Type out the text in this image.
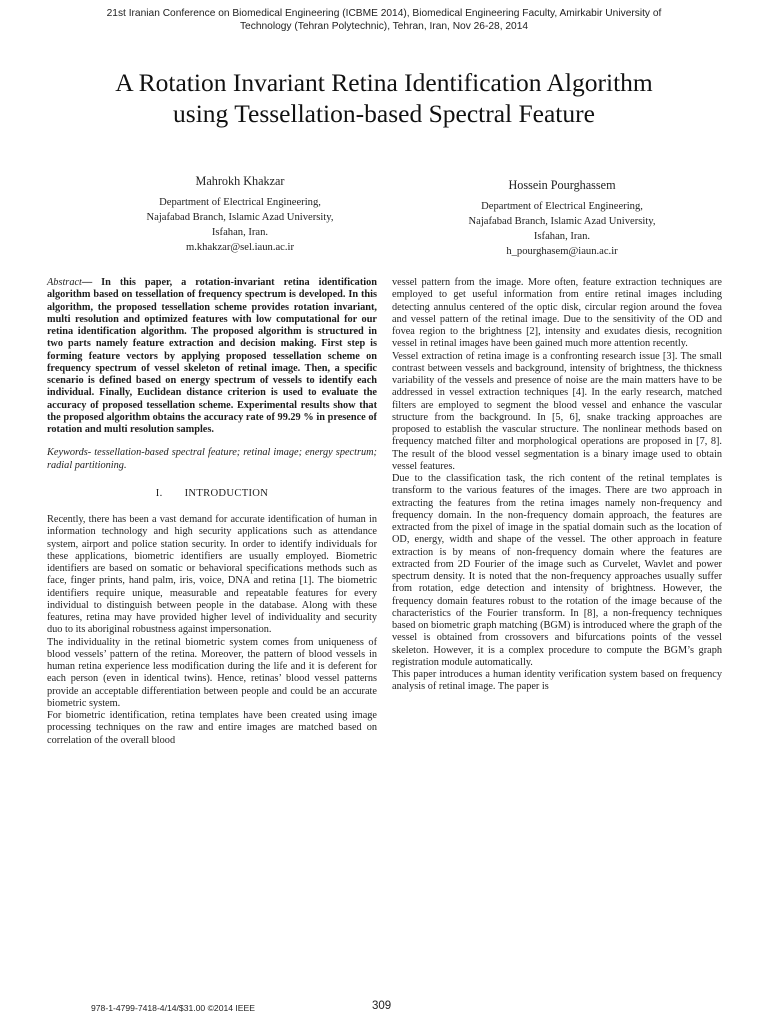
21st Iranian Conference on Biomedical Engineering (ICBME 2014), Biomedical Engineering Faculty, Amirkabir University of
Technology (Tehran Polytechnic), Tehran, Iran, Nov 26-28, 2014
A Rotation Invariant Retina Identification Algorithm
using Tessellation-based Spectral Feature
Mahrokh Khakzar
Department of Electrical Engineering,
Najafabad Branch, Islamic Azad University,
Isfahan, Iran.
m.khakzar@sel.iaun.ac.ir
Hossein Pourghassem
Department of Electrical Engineering,
Najafabad Branch, Islamic Azad University,
Isfahan, Iran.
h_pourghasem@iaun.ac.ir

Abstract— In this paper, a rotation-invariant retina identification algorithm based on tessellation of frequency spectrum is developed. In this algorithm, the proposed tessellation scheme provides rotation invariant, multi resolution and optimized features with low computational for our retina identification algorithm. The proposed algorithm is structured in two parts namely feature extraction and decision making. First step is forming feature vectors by applying proposed tessellation scheme on frequency spectrum of vessel skeleton of retinal image. Then, a specific scenario is defined based on energy spectrum of vessels to identify each individual. Finally, Euclidean distance criterion is used to evaluate the accuracy of proposed tessellation scheme. Experimental results show that the proposed algorithm obtains the accuracy rate of 99.29 % in presence of rotation and multi resolution samples.

Keywords- tessellation-based spectral feature; retinal image; energy spectrum; radial partitioning.

I. INTRODUCTION

Recently, there has been a vast demand for accurate identification of human in information technology and high security applications such as attendance system, airport and police station security. In order to identify individuals for these applications, biometric identifiers are usually employed. Biometric identifiers are based on somatic or behavioral specifications methods such as face, finger prints, hand palm, iris, voice, DNA and retina [1]. The biometric identifiers require unique, measurable and repeatable features for every individual to distinguish between people in the database. Along with these features, retina may have provided higher level of individuality and security duo to its aboriginal robustness against impersonation.

The individuality in the retinal biometric system comes from uniqueness of blood vessels’ pattern of the retina. Moreover, the pattern of blood vessels in human retina experience less modification during the life and it is deferent for each person (even in identical twins). Hence, retinas’ blood vessel patterns provide an acceptable differentiation between people and could be an accurate biometric system.

For biometric identification, retina templates have been created using image processing techniques on the raw and entire images are matched based on correlation of the overall blood

vessel pattern from the image. More often, feature extraction techniques are employed to get useful information from entire retinal images including detecting annulus centered of the optic disk, circular region around the fovea and vessel pattern of the retinal image. Due to the sensitivity of the OD and fovea region to the brightness [2], intensity and exudates diesis, recognition vessel in retinal images have been gained much more attention recently.

Vessel extraction of retina image is a confronting research issue [3]. The small contrast between vessels and background, intensity of brightness, the thickness variability of the vessels and presence of noise are the main matters have to be addressed in vessel extraction techniques [4]. In the early research, matched filters are employed to segment the blood vessel and enhance the vascular structure from the background. In [5, 6], snake tracking approaches are proposed to establish the vascular structure. The nonlinear methods based on frequency matched filter and morphological operations are proposed in [7, 8]. The result of the blood vessel segmentation is a binary image used to obtain vessel features.

Due to the classification task, the rich content of the retinal templates is transform to the various features of the images. There are two approach in extracting the features from the retina images namely non-frequency and frequency domain. In the non-frequency domain approach, the features are extracted from the pixel of image in the spatial domain such as the location of OD, energy, width and shape of the vessel. The other approach in feature extraction is by means of non-frequency domain where the features are extracted from 2D Fourier of the image such as Curvelet, Wavlet and power spectrum density. It is noted that the non-frequency approaches usually suffer from rotation, edge detection and intensity of brightness. However, the frequency domain features robust to the rotation of the image because of the characteristics of the Fourier transform. In [8], a non-frequency techniques based on biometric graph matching (BGM) is introduced where the graph of the vessel is obtained from crossovers and bifurcations points of the vessel skeleton. However, it is a complex procedure to compute the BGM’s graph registration module automatically.

This paper introduces a human identity verification system based on frequency analysis of retinal image. The paper is

978-1-4799-7418-4/14/$31.00 ©2014 IEEE	309
